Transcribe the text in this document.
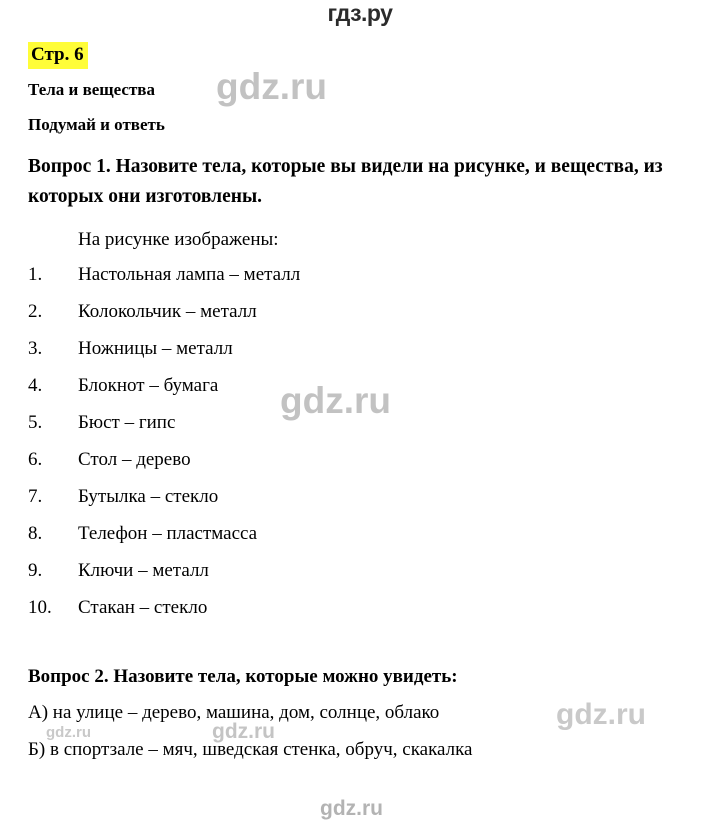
гдз.ру
Стр. 6
Тела и вещества
Подумай и ответь
Вопрос 1. Назовите тела, которые вы видели на рисунке, и вещества, из которых они изготовлены.
На рисунке изображены:
1. Настольная лампа – металл
2. Колокольчик – металл
3. Ножницы – металл
4. Блокнот – бумага
5. Бюст – гипс
6. Стол – дерево
7. Бутылка – стекло
8. Телефон – пластмасса
9. Ключи – металл
10. Стакан – стекло
Вопрос 2. Назовите тела, которые можно увидеть:
А) на улице – дерево, машина, дом, солнце, облако
Б) в спортзале – мяч, шведская стенка, обруч, скакалка
gdz.ru
gdz.ru
gdz.ru
gdz.ru	gdz.ru
gdz.ru
